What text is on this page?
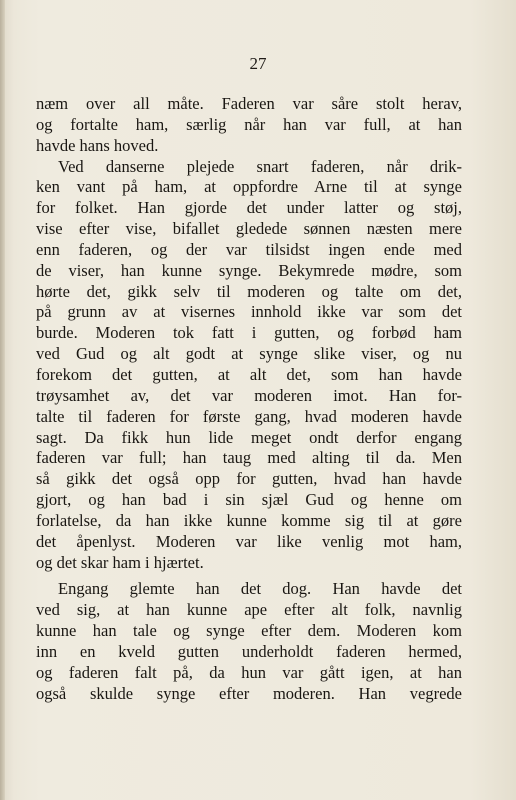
27
næm over all måte. Faderen var såre stolt herav,
og fortalte ham, særlig når han var full, at han
havde hans hoved.
Ved danserne plejede snart faderen, når drik-
ken vant på ham, at oppfordre Arne til at synge
for folket. Han gjorde det under latter og støj,
vise efter vise, bifallet gledede sønnen næsten mere
enn faderen, og der var tilsidst ingen ende med
de viser, han kunne synge. Bekymrede mødre, som
hørte det, gikk selv til moderen og talte om det,
på grunn av at visernes innhold ikke var som det
burde. Moderen tok fatt i gutten, og forbød ham
ved Gud og alt godt at synge slike viser, og nu
forekom det gutten, at alt det, som han havde
trøysamhet av, det var moderen imot. Han for-
talte til faderen for første gang, hvad moderen havde
sagt. Da fikk hun lide meget ondt derfor engang
faderen var full; han taug med alting til da. Men
så gikk det også opp for gutten, hvad han havde
gjort, og han bad i sin sjæl Gud og henne om
forlatelse, da han ikke kunne komme sig til at gøre
det åpenlyst. Moderen var like venlig mot ham,
og det skar ham i hjærtet.
Engang glemte han det dog. Han havde det
ved sig, at han kunne ape efter alt folk, navnlig
kunne han tale og synge efter dem. Moderen kom
inn en kveld gutten underholdt faderen hermed,
og faderen falt på, da hun var gått igen, at han
også skulde synge efter moderen. Han vegrede
